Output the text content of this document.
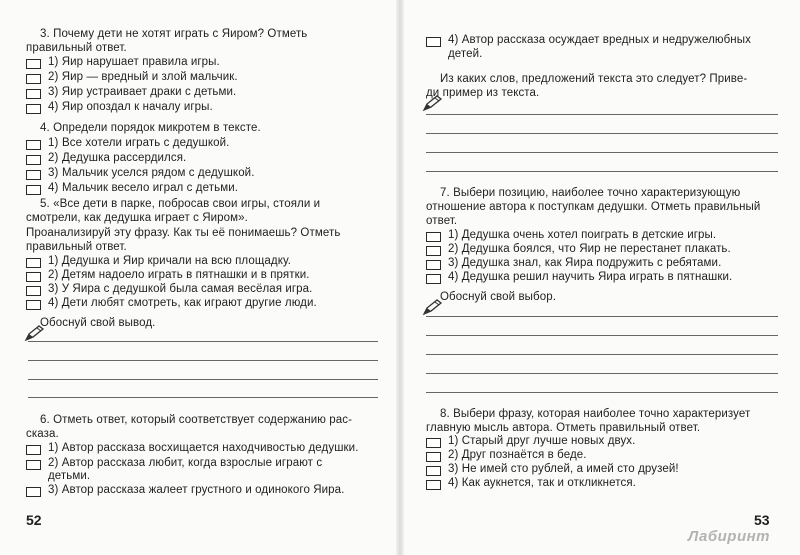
3. Почему дети не хотят играть с Яиром? Отметь
правильный ответ.
1) Яир нарушает правила игры.
2) Яир — вредный и злой мальчик.
3) Яир устраивает драки с детьми.
4) Яир опоздал к началу игры.
4. Определи порядок микротем в тексте.
1) Все хотели играть с дедушкой.
2) Дедушка рассердился.
3) Мальчик уселся рядом с дедушкой.
4) Мальчик весело играл с детьми.
5. «Все дети в парке, побросав свои игры, стояли и
смотрели, как дедушка играет с Яиром».
Проанализируй эту фразу. Как ты её понимаешь? Отметь
правильный ответ.
1) Дедушка и Яир кричали на всю площадку.
2) Детям надоело играть в пятнашки и в прятки.
3) У Яира с дедушкой была самая весёлая игра.
4) Дети любят смотреть, как играют другие люди.
Обоснуй свой вывод.
6. Отметь ответ, который соответствует содержанию рас-
сказа.
1) Автор рассказа восхищается находчивостью дедушки.
2) Автор рассказа любит, когда взрослые играют с
детьми.
3) Автор рассказа жалеет грустного и одинокого Яира.
52
4) Автор рассказа осуждает вредных и недружелюбных
детей.
Из каких слов, предложений текста это следует? Приве-
ди пример из текста.
7. Выбери позицию, наиболее точно характеризующую
отношение автора к поступкам дедушки. Отметь правильный
ответ.
1) Дедушка очень хотел поиграть в детские игры.
2) Дедушка боялся, что Яир не перестанет плакать.
3) Дедушка знал, как Яира подружить с ребятами.
4) Дедушка решил научить Яира играть в пятнашки.
Обоснуй свой выбор.
8. Выбери фразу, которая наиболее точно характеризует
главную мысль автора. Отметь правильный ответ.
1) Старый друг лучше новых двух.
2) Друг познаётся в беде.
3) Не имей сто рублей, а имей сто друзей!
4) Как аукнется, так и откликнется.
53
Лабиринт
